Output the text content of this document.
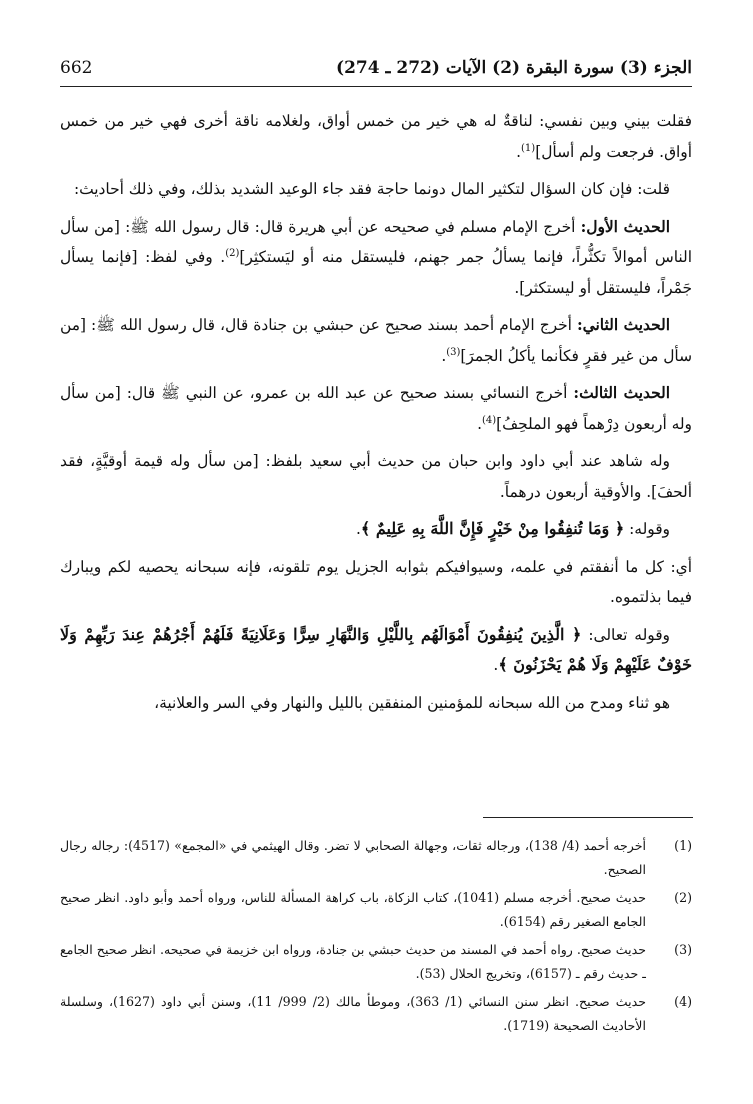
الجزء (3) سورة البقرة (2) الآيات (272 ـ 274)
662

فقلت بيني وبين نفسي: لناقةٌ له هي خير من خمس أواق، ولغلامه ناقة أخرى فهي خير من خمس أواق. فرجعت ولم أسأل]$^{(1)}$.

قلت: فإن كان السؤال لتكثير المال دونما حاجة فقد جاء الوعيد الشديد بذلك، وفي ذلك أحاديث:

الحديث الأول: أخرج الإمام مسلم في صحيحه عن أبي هريرة قال: قال رسول الله ﷺ: [من سأل الناس أموالاً تكثُّراً، فإنما يسألُ جمر جهنم، فليستقل منه أو ليَستكثِر]$^{(2)}$. وفي لفظ: [فإنما يسأل جَمْراً، فليستقل أو ليستكثر].

الحديث الثاني: أخرج الإمام أحمد بسند صحيح عن حبشي بن جنادة قال، قال رسول الله ﷺ: [من سأل من غير فقرٍ فكأنما يأكلُ الجمرَ]$^{(3)}$.

الحديث الثالث: أخرج النسائي بسند صحيح عن عبد الله بن عمرو، عن النبي ﷺ قال: [من سأل وله أربعون دِرْهماً فهو الملحِفُ]$^{(4)}$.

وله شاهد عند أبي داود وابن حبان من حديث أبي سعيد بلفظ: [من سأل وله قيمة أوقيَّةٍ، فقد ألحفَ]. والأوقية أربعون درهماً.

وقوله: ﴿ وَمَا تُنفِقُوا مِنْ خَيْرٍ فَإِنَّ اللَّهَ بِهِ عَلِيمٌ ﴾.

أي: كل ما أنفقتم في علمه، وسيوافيكم بثوابه الجزيل يوم تلقونه، فإنه سبحانه يحصيه لكم ويبارك فيما بذلتموه.

وقوله تعالى: ﴿ الَّذِينَ يُنفِقُونَ أَمْوَالَهُم بِاللَّيْلِ وَالنَّهَارِ سِرًّا وَعَلَانِيَةً فَلَهُمْ أَجْرُهُمْ عِندَ رَبِّهِمْ وَلَا خَوْفٌ عَلَيْهِمْ وَلَا هُمْ يَحْزَنُونَ ﴾.

هو ثناء ومدح من الله سبحانه للمؤمنين المنفقين بالليل والنهار وفي السر والعلانية،

(1)
أخرجه أحمد (4/ 138)، ورجاله ثقات، وجهالة الصحابي لا تضر. وقال الهيثمي في «المجمع» (4517): رجاله رجال الصحيح.
(2)
حديث صحيح. أخرجه مسلم (1041)، كتاب الزكاة، باب كراهة المسألة للناس، ورواه أحمد وأبو داود. انظر صحيح الجامع الصغير رقم (6154).
(3)
حديث صحيح. رواه أحمد في المسند من حديث حبشي بن جنادة، ورواه ابن خزيمة في صحيحه. انظر صحيح الجامع ـ حديث رقم ـ (6157)، وتخريج الحلال (53).
(4)
حديث صحيح. انظر سنن النسائي (1/ 363)، وموطأ مالك (2/ 999/ 11)، وسنن أبي داود (1627)، وسلسلة الأحاديث الصحيحة (1719).
